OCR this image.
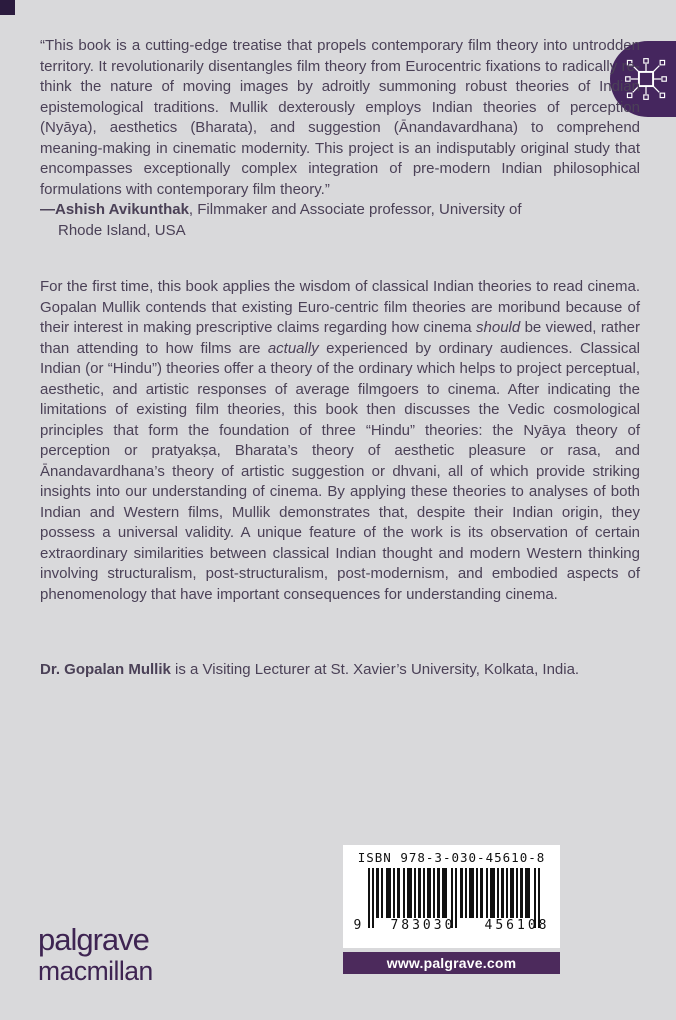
“This book is a cutting-edge treatise that propels contemporary film theory into untrodden territory. It revolutionarily disentangles film theory from Eurocentric fixations to radically re-think the nature of moving images by adroitly summoning robust theories of Indian epistemological traditions. Mullik dexterously employs Indian theories of perception (Nyāya), aesthetics (Bharata), and suggestion (Ānandavardhana) to comprehend meaning-making in cinematic modernity. This project is an indisputably original study that encompasses exceptionally complex integration of pre-modern Indian philosophical formulations with contemporary film theory.”
—Ashish Avikunthak, Filmmaker and Associate professor, University of
Rhode Island, USA
For the first time, this book applies the wisdom of classical Indian theories to read cinema. Gopalan Mullik contends that existing Euro-centric film theories are moribund because of their interest in making prescriptive claims regarding how cinema should be viewed, rather than attending to how films are actually experienced by ordinary audiences. Classical Indian (or “Hindu”) theories offer a theory of the ordinary which helps to project perceptual, aesthetic, and artistic responses of average filmgoers to cinema. After indicating the limitations of existing film theories, this book then discusses the Vedic cosmological principles that form the foundation of three “Hindu” theories: the Nyāya theory of perception or pratyakṣa, Bharata’s theory of aesthetic pleasure or rasa, and Ānandavardhana’s theory of artistic suggestion or dhvani, all of which provide striking insights into our understanding of cinema. By applying these theories to analyses of both Indian and Western films, Mullik demonstrates that, despite their Indian origin, they possess a universal validity. A unique feature of the work is its observation of certain extraordinary similarities between classical Indian thought and modern Western thinking involving structuralism, post-structuralism, post-modernism, and embodied aspects of phenomenology that have important consequences for understanding cinema.
Dr. Gopalan Mullik is a Visiting Lecturer at St. Xavier’s University, Kolkata, India.
ISBN 978-3-030-45610-8
9 783030 456108
www.palgrave.com
palgrave
macmillan
